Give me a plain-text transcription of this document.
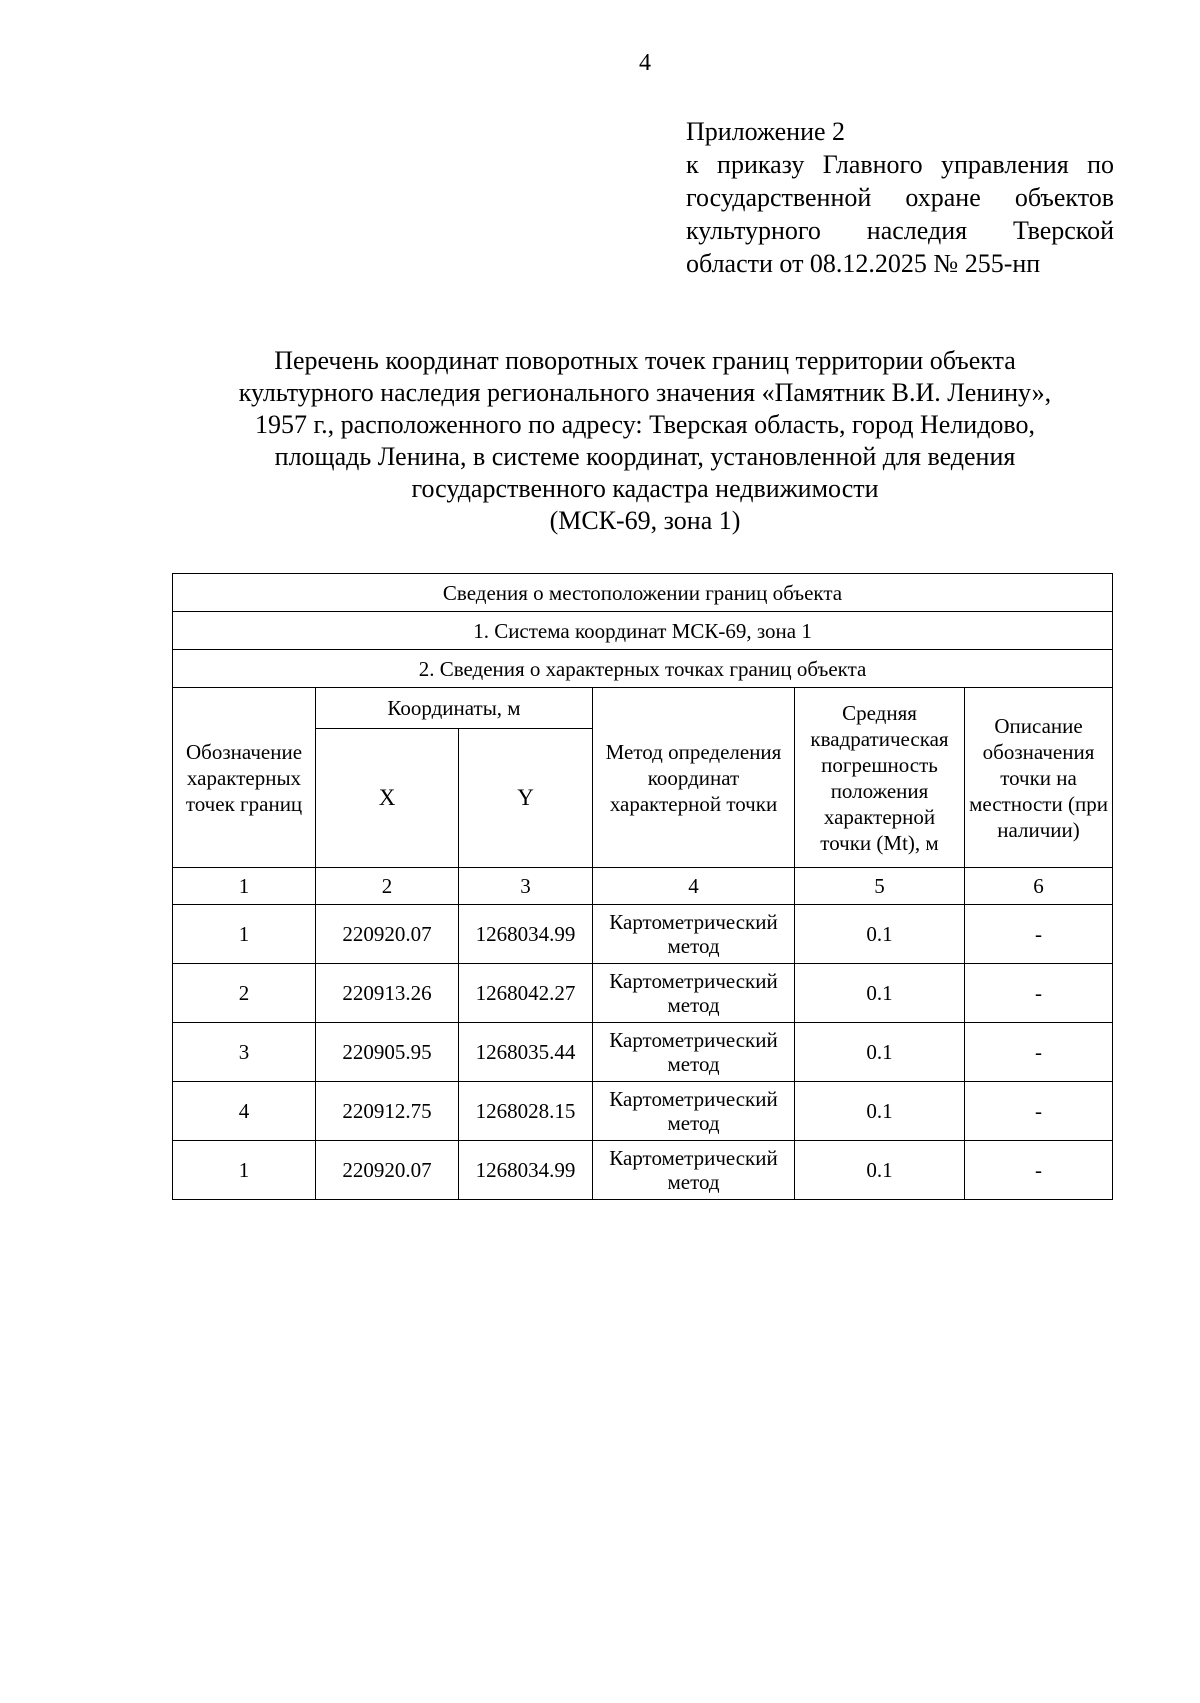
4
Приложение 2
к приказу Главного управления по
государственной охране объектов
культурного наследия Тверской
области от 08.12.2025 № 255-нп
Перечень координат поворотных точек границ территории объекта
культурного наследия регионального значения «Памятник В.И. Ленину»,
1957 г., расположенного по адресу: Тверская область, город Нелидово,
площадь Ленина, в системе координат, установленной для ведения
государственного кадастра недвижимости
(МСК-69, зона 1)
Сведения о местоположении границ объекта					
1. Система координат МСК-69, зона 1					
2. Сведения о характерных точках границ объекта					
Обозначение характерных точек границ	Координаты, м		Метод определения координат характерной точки	Средняя квадратическая погрешность положения характерной точки (Mt), м	Описание обозначения точки на местности (при наличии)
	X	Y			
1	2	3	4	5	6
1	220920.07	1268034.99	Картометрический метод	0.1	-
2	220913.26	1268042.27	Картометрический метод	0.1	-
3	220905.95	1268035.44	Картометрический метод	0.1	-
4	220912.75	1268028.15	Картометрический метод	0.1	-
1	220920.07	1268034.99	Картометрический метод	0.1	-
